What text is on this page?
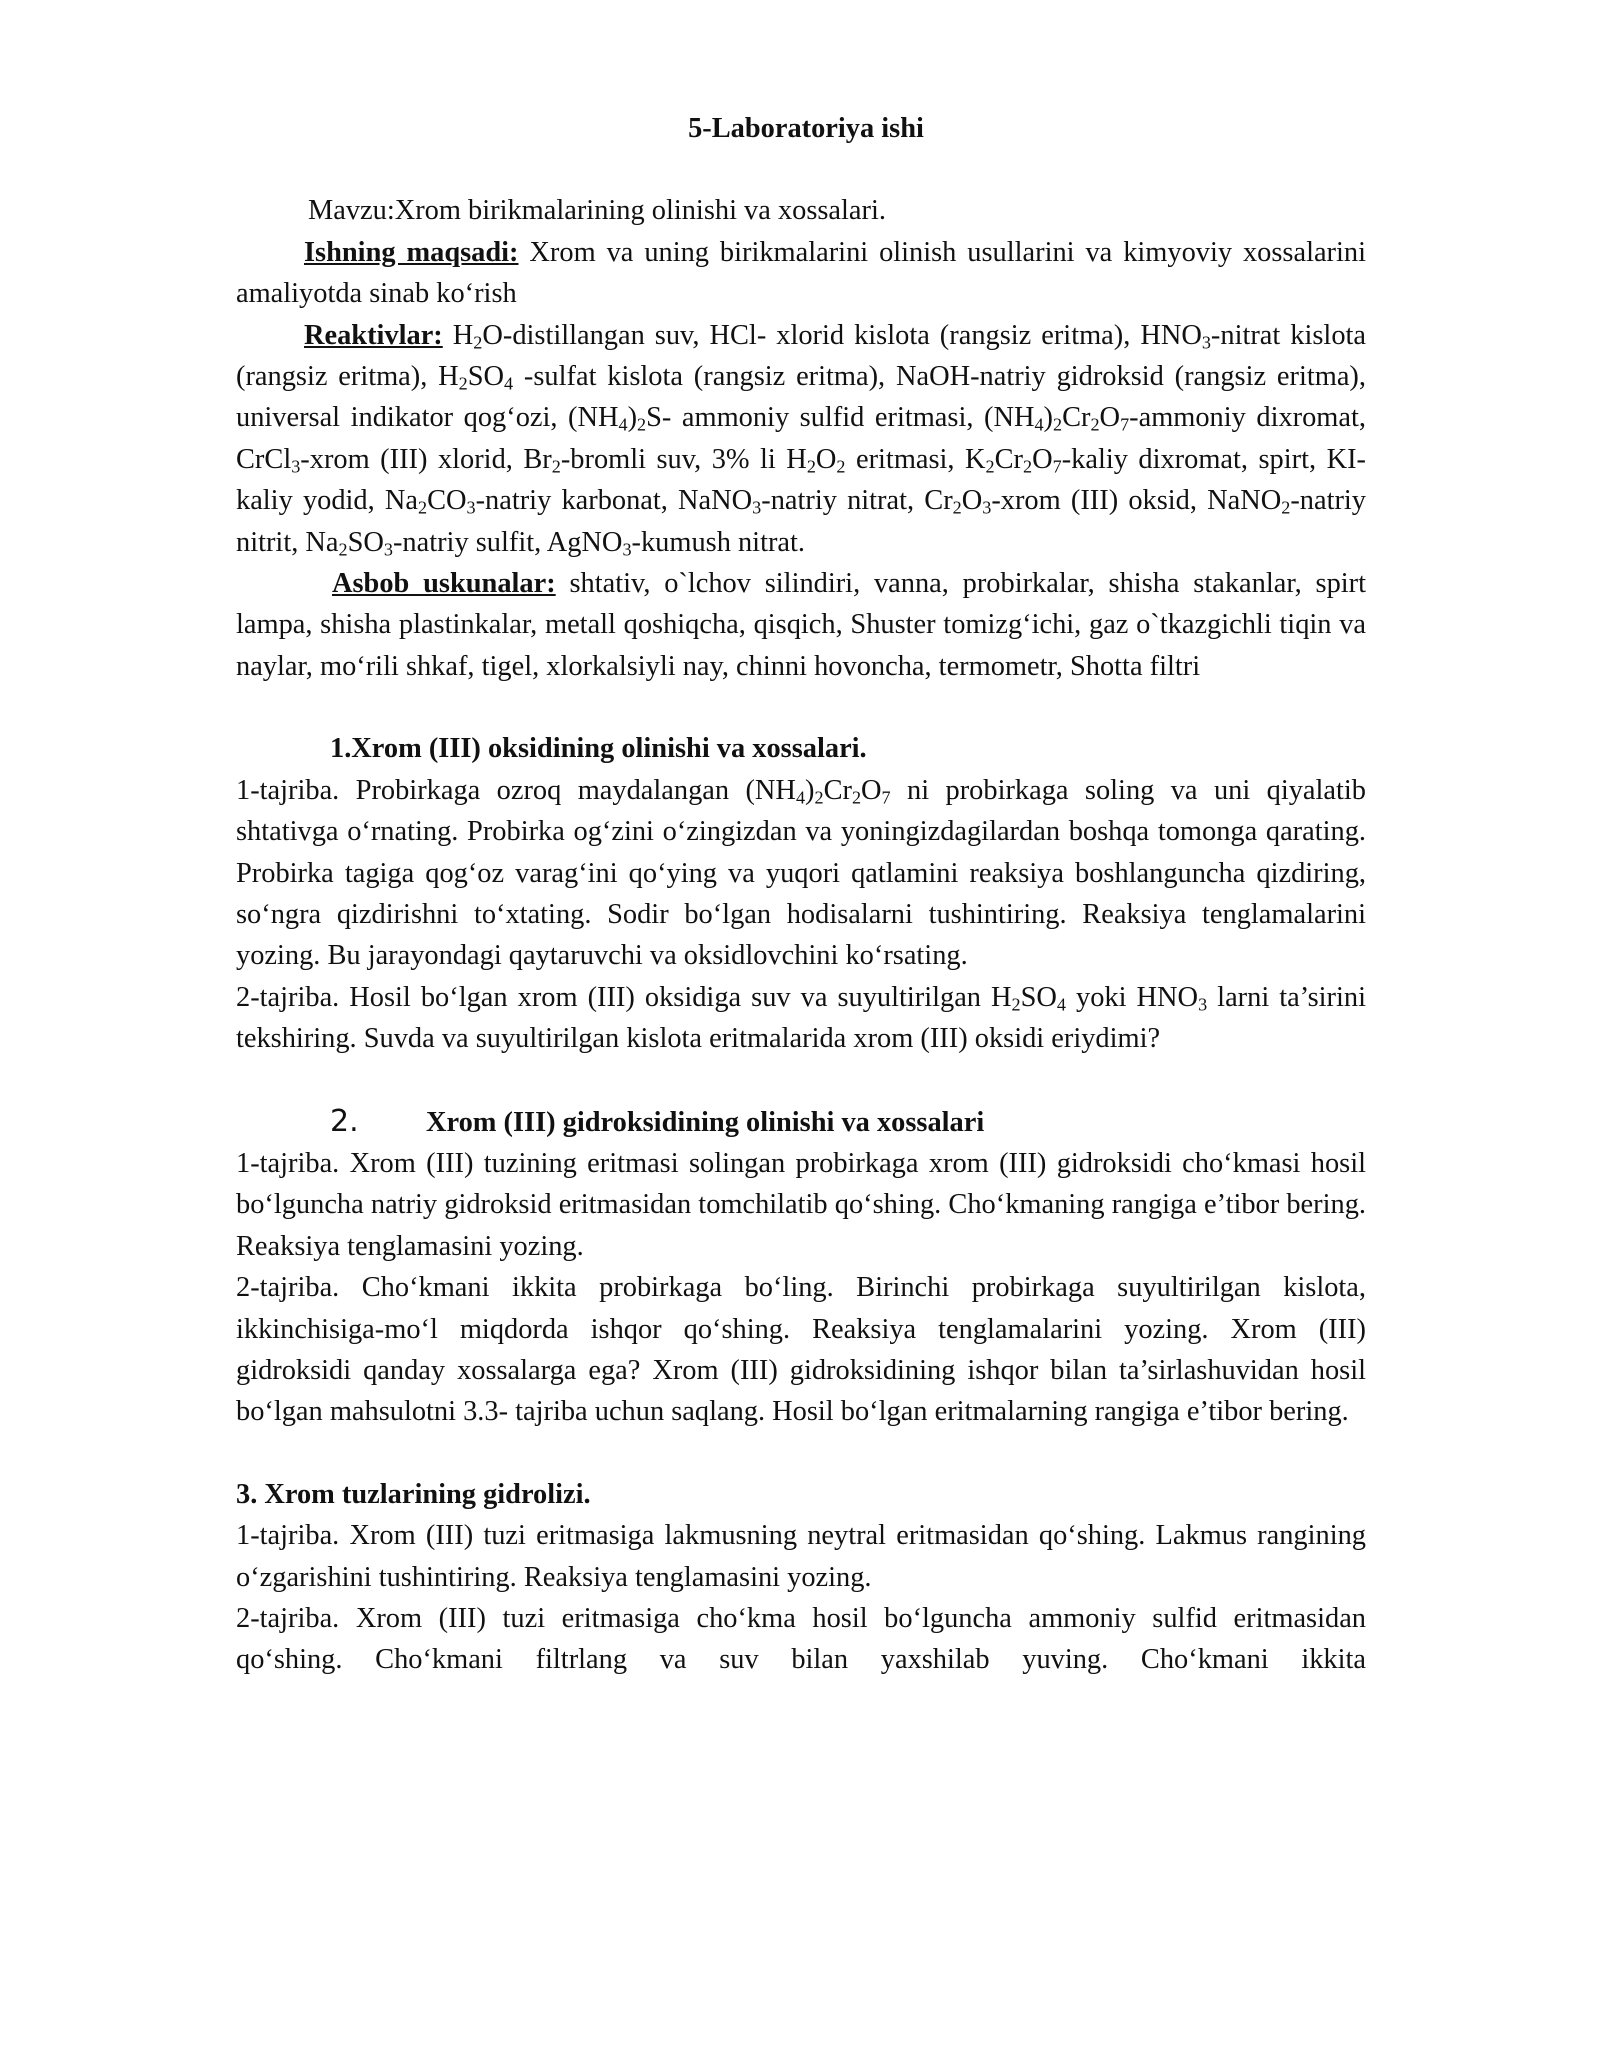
5-Laboratoriya ishi

Mavzu:Xrom birikmalarining olinishi va xossalari.

Ishning maqsadi: Xrom va uning birikmalarini olinish usullarini va kimyoviy xossalarini amaliyotda sinab ko‘rish

Reaktivlar: $H_2O$-distillangan suv, HCl- xlorid kislota (rangsiz eritma), $HNO_3$-nitrat kislota (rangsiz eritma), $H_2SO_4$ -sulfat kislota (rangsiz eritma), NaOH-natriy gidroksid (rangsiz eritma), universal indikator qog‘ozi, $(NH_4)_2S-$ ammoniy sulfid eritmasi, $(NH_4)_2Cr_2O_7$-ammoniy dixromat, CrCl$_3$-xrom (III) xlorid, $Br_2$-bromli suv, 3% li $H_2O_2$ eritmasi, $K_2Cr_2O_7$-kaliy dixromat, spirt, KI-kaliy yodid, $Na_2CO_3$-natriy karbonat, NaNO$_3$-natriy nitrat, $Cr_2O_3$-xrom (III) oksid, NaNO$_2$-natriy nitrit, $Na_2SO_3$-natriy sulfit, AgNO$_3$-kumush nitrat.

Asbob uskunalar: shtativ, o`lchov silindiri, vanna, probirkalar, shisha stakanlar, spirt lampa, shisha plastinkalar, metall qoshiqcha, qisqich, Shuster tomizg‘ichi, gaz o`tkazgichli tiqin va naylar, mo‘rili shkaf, tigel, xlorkalsiyli nay, chinni hovoncha, termometr, Shotta filtri

1.Xrom (III) oksidining olinishi va xossalari.

1-tajriba. Probirkaga ozroq maydalangan $(NH_4)_2Cr_2O_7$ ni probirkaga soling va uni qiyalatib shtativga o‘rnating. Probirka og‘zini o‘zingizdan va yoningizdagilardan boshqa tomonga qarating. Probirka tagiga qog‘oz varag‘ini qo‘ying va yuqori qatlamini reaksiya boshlanguncha qizdiring, so‘ngra qizdirishni to‘xtating. Sodir bo‘lgan hodisalarni tushintiring. Reaksiya tenglamalarini yozing. Bu jarayondagi qaytaruvchi va oksidlovchini ko‘rsating.

2-tajriba. Hosil bo‘lgan xrom (III) oksidiga suv va suyultirilgan $H_2SO_4$ yoki $HNO_3$ larni ta’sirini tekshiring. Suvda va suyultirilgan kislota eritmalarida xrom (III) oksidi eriydimi?

2. Xrom (III) gidroksidining olinishi va xossalari

1-tajriba. Xrom (III) tuzining eritmasi solingan probirkaga xrom (III) gidroksidi cho‘kmasi hosil bo‘lguncha natriy gidroksid eritmasidan tomchilatib qo‘shing. Cho‘kmaning rangiga e’tibor bering. Reaksiya tenglamasini yozing.

2-tajriba. Cho‘kmani ikkita probirkaga bo‘ling. Birinchi probirkaga suyultirilgan kislota, ikkinchisiga-mo‘l miqdorda ishqor qo‘shing. Reaksiya tenglamalarini yozing. Xrom (III) gidroksidi qanday xossalarga ega? Xrom (III) gidroksidining ishqor bilan ta’sirlashuvidan hosil bo‘lgan mahsulotni 3.3- tajriba uchun saqlang. Hosil bo‘lgan eritmalarning rangiga e’tibor bering.

3. Xrom tuzlarining gidrolizi.

1-tajriba. Xrom (III) tuzi eritmasiga lakmusning neytral eritmasidan qo‘shing. Lakmus rangining o‘zgarishini tushintiring. Reaksiya tenglamasini yozing.

2-tajriba. Xrom (III) tuzi eritmasiga cho‘kma hosil bo‘lguncha ammoniy sulfid eritmasidan qo‘shing. Cho‘kmani filtrlang va suv bilan yaxshilab yuving. Cho‘kmani ikkita
